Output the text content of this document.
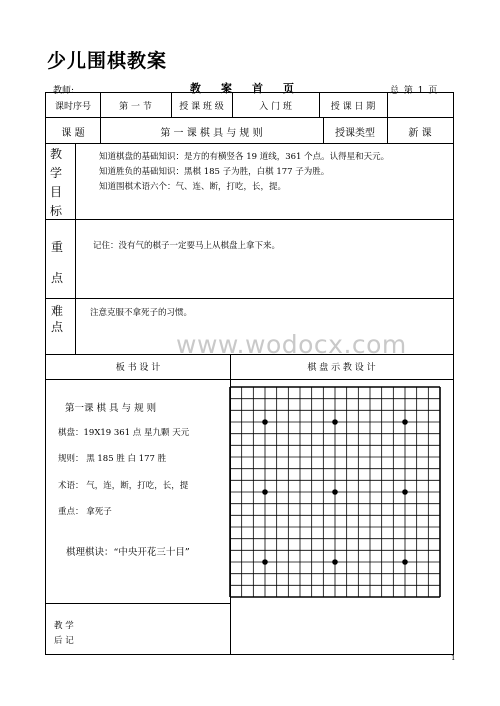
少儿围棋教案
教师:	教案首页	总 第 1 页
课时序号	第 一 节	授 课 班 级	入 门 班	授 课 日 期
课 题	第 一 课 棋 具 与 规 则	授课类型	新 课
教学目标
知道棋盘的基础知识：是方的有横竖各 19 道线，361 个点。认得星和天元。
知道胜负的基础知识：黑棋 185 子为胜，白棋 177 子为胜。
知道围棋术语六个：气、连、断，打吃，长，提。
重
点
记住：没有气的棋子一定要马上从棋盘上拿下来。
难
点
注意克服不拿死子的习惯。
www.wodocx.com
板 书 设 计	棋 盘 示 教 设 计
第一课 棋 具 与 规 则
棋盘：19X19 361 点 星九颗 天元
规则： 黑 185 胜 白 177 胜
术语： 气，连，断，打吃，长，提
重点： 拿死子
棋理棋诀：“中央开花三十目”
教 学
后 记
1
